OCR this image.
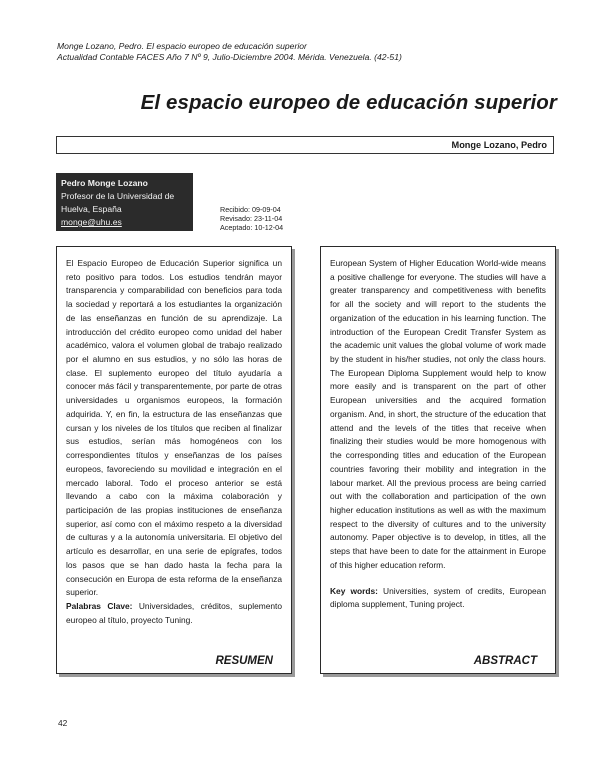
Monge Lozano, Pedro. El espacio europeo de educación superior
Actualidad Contable FACES Año 7 Nº 9, Julio-Diciembre 2004. Mérida. Venezuela. (42-51)
El espacio europeo de educación superior
Monge Lozano, Pedro
Pedro Monge Lozano
Profesor de la Universidad de
Huelva, España
monge@uhu.es
Recibido: 09-09-04
Revisado: 23-11-04
Aceptado: 10-12-04

El Espacio Europeo de Educación Superior significa un reto positivo para todos. Los estudios tendrán mayor transparencia y comparabilidad con beneficios para toda la sociedad y reportará a los estudiantes la organización de las enseñanzas en función de su aprendizaje. La introducción del crédito europeo como unidad del haber académico, valora el volumen global de trabajo realizado por el alumno en sus estudios, y no sólo las horas de clase. El suplemento europeo del título ayudaría a conocer más fácil y transparentemente, por parte de otras universidades u organismos europeos, la formación adquirida. Y, en fin, la estructura de las enseñanzas que cursan y los niveles de los títulos que reciben al finalizar sus estudios, serían más homogéneos con los correspondientes títulos y enseñanzas de los países europeos, favoreciendo su movilidad e integración en el mercado laboral. Todo el proceso anterior se está llevando a cabo con la máxima colaboración y participación de las propias instituciones de enseñanza superior, así como con el máximo respeto a la diversidad de culturas y a la autonomía universitaria. El objetivo del artículo es desarrollar, en una serie de epígrafes, todos los pasos que se han dado hasta la fecha para la consecución en Europa de esta reforma de la enseñanza superior.

Palabras Clave: Universidades, créditos, suplemento europeo al título, proyecto Tuning.

RESUMEN

European System of Higher Education World-wide means a positive challenge for everyone. The studies will have a greater transparency and competitiveness with benefits for all the society and will report to the students the organization of the education in his learning function. The introduction of the European Credit Transfer System as the academic unit values the global volume of work made by the student in his/her studies, not only the class hours. The European Diploma Supplement would help to know more easily and is transparent on the part of other European universities and the acquired formation organism. And, in short, the structure of the education that attend and the levels of the titles that receive when finalizing their studies would be more homogenous with the corresponding titles and education of the European countries favoring their mobility and integration in the labour market. All the previous process are being carried out with the collaboration and participation of the own higher education institutions as well as with the maximum respect to the diversity of cultures and to the university autonomy. Paper objective is to develop, in titles, all the steps that have been to date for the attainment in Europe of this higher education reform.

Key words: Universities, system of credits, European diploma supplement, Tuning project.

ABSTRACT
42
